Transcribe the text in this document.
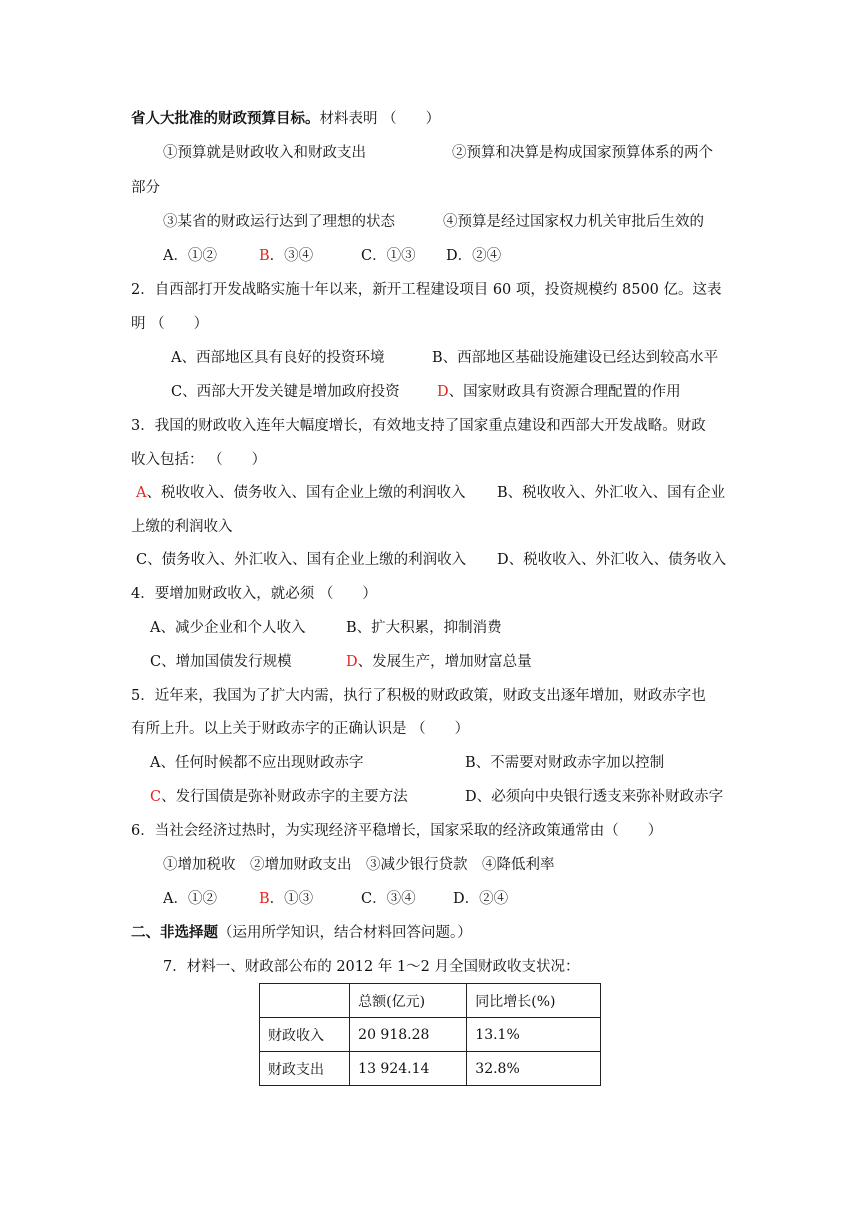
省人大批准的财政预算目标。材料表明 （　　）
①预算就是财政收入和财政支出	②预算和决算是构成国家预算体系的两个
部分
③某省的财政运行达到了理想的状态	④预算是经过国家权力机关审批后生效的
A．①②	B．③④	C．①③ D．②④
2．自西部打开发战略实施十年以来，新开工程建设项目 60 项，投资规模约 8500 亿。这表
明 （　　）
A、西部地区具有良好的投资环境	B、西部地区基础设施建设已经达到较高水平
C、西部大开发关键是增加政府投资	D、国家财政具有资源合理配置的作用
3．我国的财政收入连年大幅度增长，有效地支持了国家重点建设和西部大开发战略。财政
收入包括： （　　）
A、税收收入、债务收入、国有企业上缴的利润收入 B、税收收入、外汇收入、国有企业
上缴的利润收入
C、债务收入、外汇收入、国有企业上缴的利润收入 D、税收收入、外汇收入、债务收入
4．要增加财政收入，就必须 （　　）
A、减少企业和个人收入	B、扩大积累，抑制消费
C、增加国债发行规模	D、发展生产，增加财富总量
5．近年来，我国为了扩大内需，执行了积极的财政政策，财政支出逐年增加，财政赤字也
有所上升。以上关于财政赤字的正确认识是 （　　）
A、任何时候都不应出现财政赤字	B、不需要对财政赤字加以控制
C、发行国债是弥补财政赤字的主要方法	D、必须向中央银行透支来弥补财政赤字
6．当社会经济过热时，为实现经济平稳增长，国家采取的经济政策通常由（　　）
①增加税收　②增加财政支出　③减少银行贷款　④降低利率
A．①②	B．①③	C．③④	D．②④
二、非选择题（运用所学知识，结合材料回答问题。）
7．材料一、财政部公布的 2012 年 1～2 月全国财政收支状况：
	总额(亿元)	同比增长(%)
财政收入	20 918.28	13.1%
财政支出	13 924.14	32.8%
